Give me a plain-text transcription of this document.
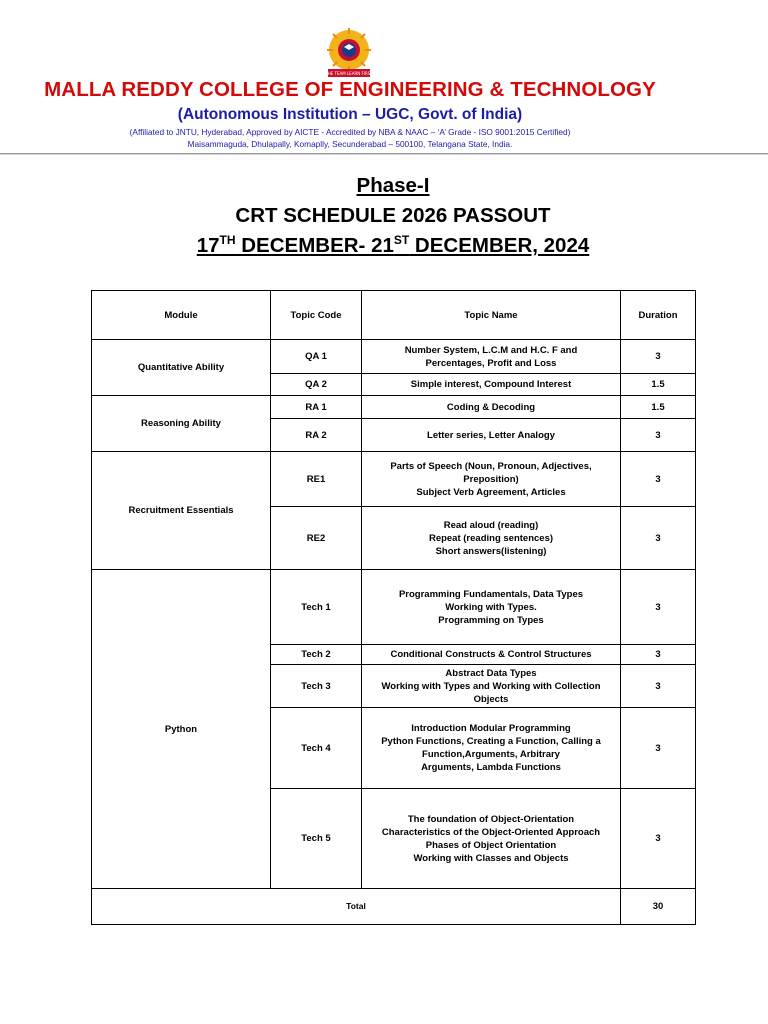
THE TEAM LEARN FIRST
MALLA REDDY COLLEGE OF ENGINEERING & TECHNOLOGY
(Autonomous Institution – UGC, Govt. of India)
(Affiliated to JNTU, Hyderabad, Approved by AICTE - Accredited by NBA & NAAC – ‘A’ Grade - ISO 9001:2015 Certified)
Maisammaguda, Dhulapally, Komaplly, Secunderabad – 500100, Telangana State, India.
Phase-I
CRT SCHEDULE 2026 PASSOUT
17TH DECEMBER- 21ST DECEMBER, 2024
Module	Topic Code	Topic Name	Duration
Quantitative Ability	QA 1	Number System, L.C.M and H.C. F and
Percentages, Profit and Loss	3
	QA 2	Simple interest, Compound Interest	1.5
Reasoning Ability	RA 1	Coding & Decoding	1.5
	RA 2	Letter series, Letter Analogy	3
Recruitment Essentials	RE1	Parts of Speech (Noun, Pronoun, Adjectives,
Preposition)
Subject Verb Agreement, Articles	3
	RE2	Read aloud (reading)
Repeat (reading sentences)
Short answers(listening)	3
Python	Tech 1	Programming Fundamentals, Data Types
Working with Types.
Programming on Types	3
	Tech 2	Conditional Constructs & Control Structures	3
	Tech 3	Abstract Data Types
Working with Types and Working with Collection
Objects	3
	Tech 4	Introduction Modular Programming
Python Functions, Creating a Function, Calling a
Function,Arguments, Arbitrary
Arguments, Lambda Functions	3
	Tech 5	The foundation of Object-Orientation
Characteristics of the Object-Oriented Approach
Phases of Object Orientation
Working with Classes and Objects	3
Total			30
